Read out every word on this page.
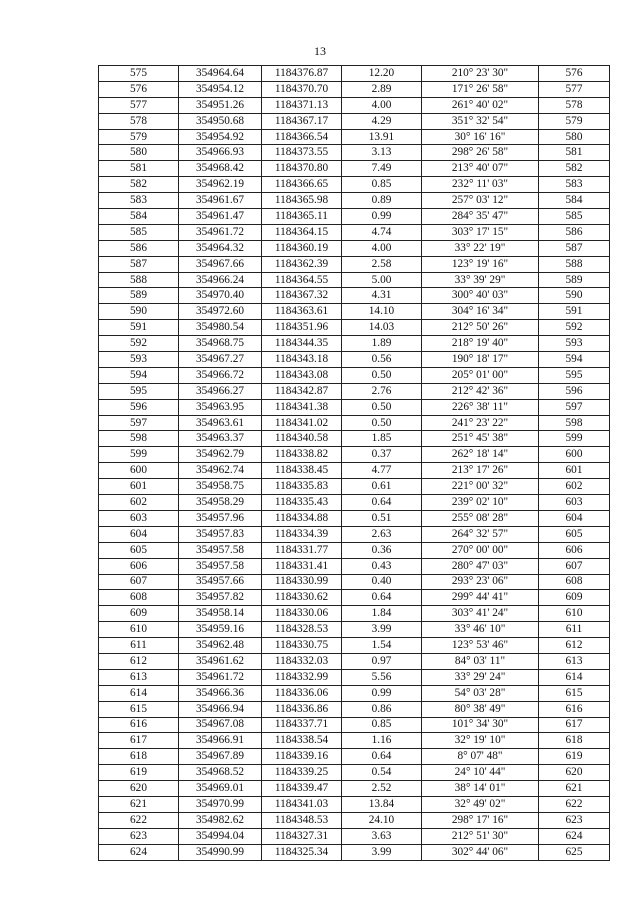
13
575	354964.64	1184376.87	12.20	210° 23' 30"	576
576	354954.12	1184370.70	2.89	171° 26' 58"	577
577	354951.26	1184371.13	4.00	261° 40' 02"	578
578	354950.68	1184367.17	4.29	351° 32' 54"	579
579	354954.92	1184366.54	13.91	30° 16' 16"	580
580	354966.93	1184373.55	3.13	298° 26' 58"	581
581	354968.42	1184370.80	7.49	213° 40' 07"	582
582	354962.19	1184366.65	0.85	232° 11' 03"	583
583	354961.67	1184365.98	0.89	257° 03' 12"	584
584	354961.47	1184365.11	0.99	284° 35' 47"	585
585	354961.72	1184364.15	4.74	303° 17' 15"	586
586	354964.32	1184360.19	4.00	33° 22' 19"	587
587	354967.66	1184362.39	2.58	123° 19' 16"	588
588	354966.24	1184364.55	5.00	33° 39' 29"	589
589	354970.40	1184367.32	4.31	300° 40' 03"	590
590	354972.60	1184363.61	14.10	304° 16' 34"	591
591	354980.54	1184351.96	14.03	212° 50' 26"	592
592	354968.75	1184344.35	1.89	218° 19' 40"	593
593	354967.27	1184343.18	0.56	190° 18' 17"	594
594	354966.72	1184343.08	0.50	205° 01' 00"	595
595	354966.27	1184342.87	2.76	212° 42' 36"	596
596	354963.95	1184341.38	0.50	226° 38' 11"	597
597	354963.61	1184341.02	0.50	241° 23' 22"	598
598	354963.37	1184340.58	1.85	251° 45' 38"	599
599	354962.79	1184338.82	0.37	262° 18' 14"	600
600	354962.74	1184338.45	4.77	213° 17' 26"	601
601	354958.75	1184335.83	0.61	221° 00' 32"	602
602	354958.29	1184335.43	0.64	239° 02' 10"	603
603	354957.96	1184334.88	0.51	255° 08' 28"	604
604	354957.83	1184334.39	2.63	264° 32' 57"	605
605	354957.58	1184331.77	0.36	270° 00' 00"	606
606	354957.58	1184331.41	0.43	280° 47' 03"	607
607	354957.66	1184330.99	0.40	293° 23' 06"	608
608	354957.82	1184330.62	0.64	299° 44' 41"	609
609	354958.14	1184330.06	1.84	303° 41' 24"	610
610	354959.16	1184328.53	3.99	33° 46' 10"	611
611	354962.48	1184330.75	1.54	123° 53' 46"	612
612	354961.62	1184332.03	0.97	84° 03' 11"	613
613	354961.72	1184332.99	5.56	33° 29' 24"	614
614	354966.36	1184336.06	0.99	54° 03' 28"	615
615	354966.94	1184336.86	0.86	80° 38' 49"	616
616	354967.08	1184337.71	0.85	101° 34' 30"	617
617	354966.91	1184338.54	1.16	32° 19' 10"	618
618	354967.89	1184339.16	0.64	8° 07' 48"	619
619	354968.52	1184339.25	0.54	24° 10' 44"	620
620	354969.01	1184339.47	2.52	38° 14' 01"	621
621	354970.99	1184341.03	13.84	32° 49' 02"	622
622	354982.62	1184348.53	24.10	298° 17' 16"	623
623	354994.04	1184327.31	3.63	212° 51' 30"	624
624	354990.99	1184325.34	3.99	302° 44' 06"	625
